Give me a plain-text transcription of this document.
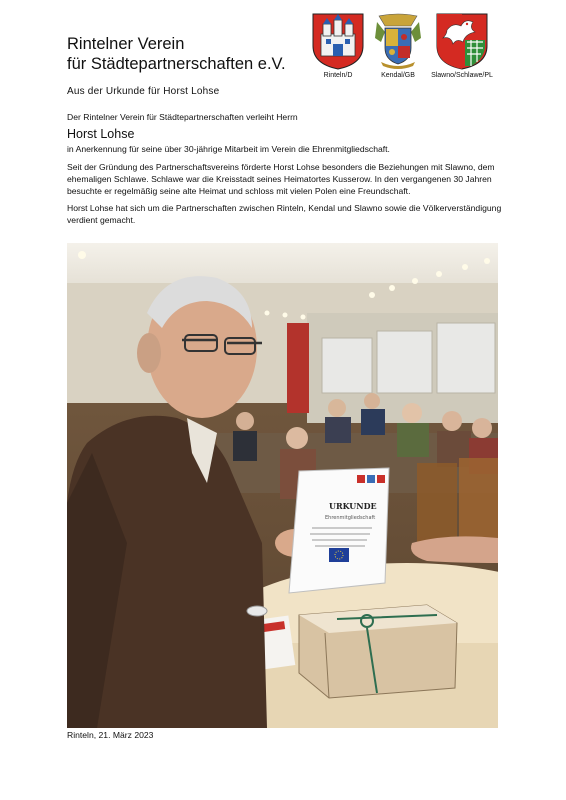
Rintelner Verein
für Städtepartnerschaften e.V.
Aus der Urkunde für Horst Lohse
Rinteln/D	Kendal/GB	Slawno/Schlawe/PL

Der Rintelner Verein für Städtepartnerschaften verleiht Herrn

Horst Lohse

in Anerkennung für seine über 30-jährige Mitarbeit im Verein die Ehrenmitgliedschaft.

Seit der Gründung des Partnerschaftsvereins förderte Horst Lohse besonders die Beziehungen mit Slawno, dem ehemaligen Schlawe. Schlawe war die Kreisstadt seines Heimatortes Kusserow. In den vergangenen 30 Jahren besuchte er regelmäßig seine alte Heimat und schloss mit vielen Polen eine Freundschaft.

Horst Lohse hat sich um die Partnerschaften zwischen Rinteln, Kendal und Slawno sowie die Völkerverständigung verdient gemacht.

URKUNDE
Ehrenmitgliedschaft
Rinteln, 21. März 2023
